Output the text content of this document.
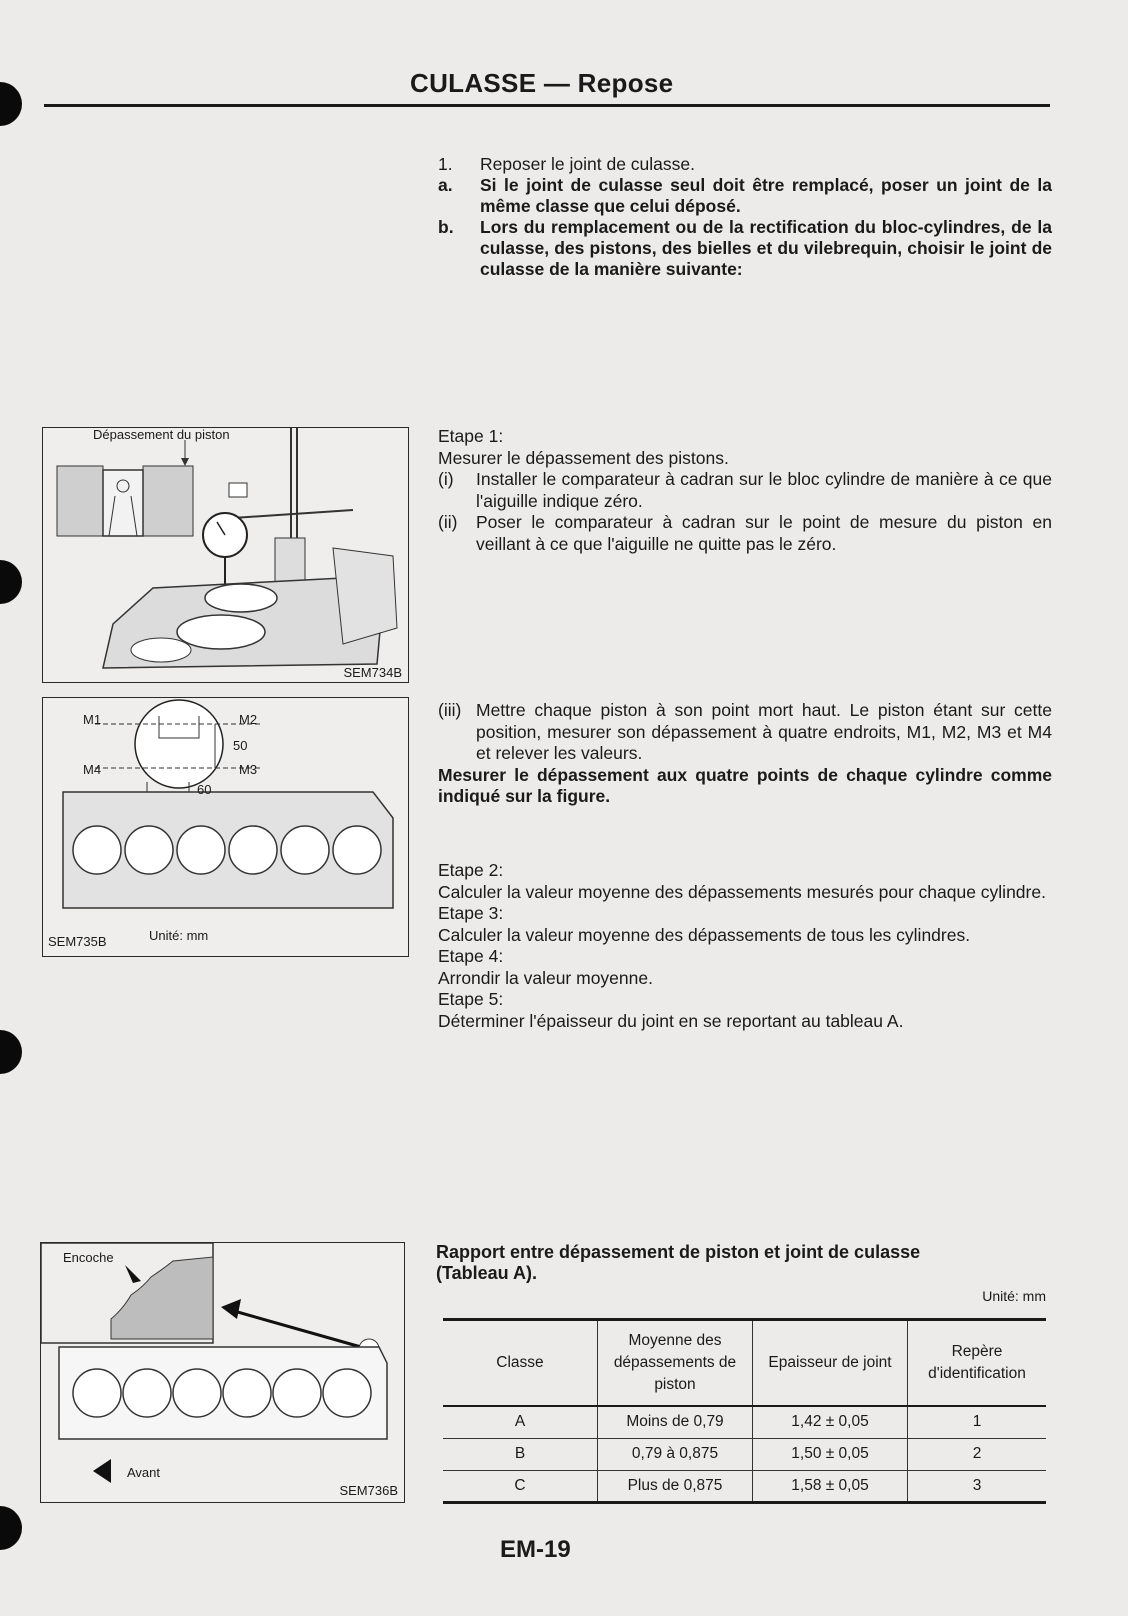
CULASSE — Repose
1.	Reposer le joint de culasse.
a.	Si le joint de culasse seul doit être remplacé, poser un joint de la même classe que celui déposé.
b.	Lors du remplacement ou de la rectification du bloc-cylindres, de la culasse, des pistons, des bielles et du vilebrequin, choisir le joint de culasse de la manière suivante:
Etape 1:
Mesurer le dépassement des pistons.
(i)	Installer le comparateur à cadran sur le bloc cylindre de manière à ce que l'aiguille indique zéro.
(ii)	Poser le comparateur à cadran sur le point de mesure du piston en veillant à ce que l'aiguille ne quitte pas le zéro.
(iii) Mettre chaque piston à son point mort haut. Le piston étant sur cette position, mesurer son dépassement à quatre endroits, M1, M2, M3 et M4 et relever les valeurs.
Mesurer le dépassement aux quatre points de chaque cylindre comme indiqué sur la figure.
Etape 2:
Calculer la valeur moyenne des dépassements mesurés pour chaque cylindre.
Etape 3:
Calculer la valeur moyenne des dépassements de tous les cylindres.
Etape 4:
Arrondir la valeur moyenne.
Etape 5:
Déterminer l'épaisseur du joint en se reportant au tableau A.
Dépassement du piston
SEM734B
M1	M2
M4	M3
50
60
Unité: mm
SEM735B
Encoche
Avant
SEM736B
Rapport entre dépassement de piston et joint de culasse (Tableau A).
Unité: mm
Classe	Moyenne des dépassements de piston	Epaisseur de joint	Repère d'identification
A	Moins de 0,79	1,42 ± 0,05	1
B	0,79 à 0,875	1,50 ± 0,05	2
C	Plus de 0,875	1,58 ± 0,05	3
EM-19
